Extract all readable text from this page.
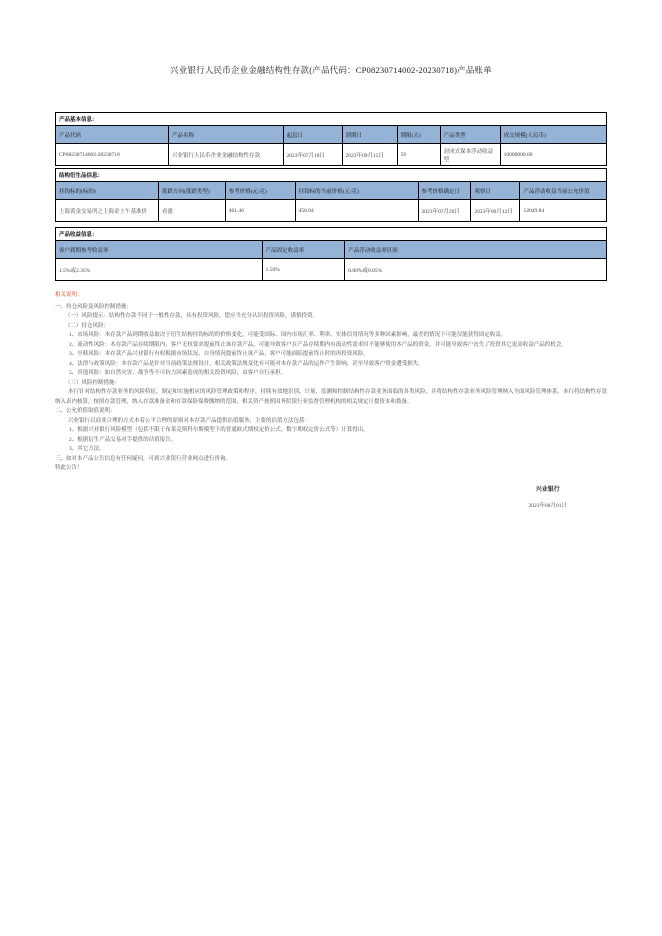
兴业银行人民币企业金融结构性存款(产品代码：CP08230714002-20230718)产品账单
产品基本信息：						
产品代码	产品名称	起息日	到期日	期限(天)	产品类型	成交规模(人民币)
CP08230714002-20230718	兴业银行人民币企业金融结构性存款	2023年07月18日	2023年09月15日	59	封闭式保本浮动收益型	10000000.00
结构衍生品信息：						
挂钩标的(标的)	涨跌方向(涨跌类型)	参考价格(元/克)	挂钩标的当前价格(元/克)	参考价格确定日	观察日	产品浮动收益当前公允价值
上海黄金交易所之上海金上午基准价	看涨	461.46	456.94	2023年07月20日	2023年09月12日	12049.84
产品收益信息：		
客户到期参考收益率	产品固定收益率	产品浮动收益率区间
1.5%或2.35%	1.50%	0.00%或0.85%
相关说明：
一、持仓风险及风险控制措施：
（一）风险提示：结构性存款不同于一般性存款，具有投资风险，您应当充分认识投资风险，谨慎投资。
（二）持仓风险：
1、市场风险：本存款产品到期收益取决于衍生结构挂钩标的的价格变化，可能受国际、国内市场汇率、利率、实体信用情况等多种因素影响，最差的情况下可能仅能获得固定收益。
2、流动性风险：本存款产品存续期限内，客户无权要求提前终止该存款产品，可能导致客户在产品存续期内有流动性需求时不能够使用本产品的资金，并可能导致客户丧失了投资其它更高收益产品的机会。
3、早赎风险：本存款产品兴业银行有权根据市场状况、自身情况提前终止该产品，客户可能面临提前终止时的再投资风险。
4、法律与政策风险：本存款产品是针对当前政策法规设计，相关政策法规变化有可能对本存款产品的运作产生影响，甚至导致客户资金遭受损失。
5、其他风险：如自然灾害、战争等不可抗力因素造成的相关投资风险，由客户自行承担。
（三）风险控制措施：
本行针对结构性存款业务的风险特征，制定和实施相应的风险管理政策和程序，持续有效地识别、计量、监测和控制结构性存款业务面临的各类风险，并将结构性存款业务风险管理纳入全面风险管理体系。本行将结构性存款纳入表内核算，按照存款管理，纳入存款准备金和存款保险保费缴纳的范围，相关资产按照国务院银行业监督管理机构的相关规定计提资本和拨备。
二、公允价值取值说明：
兴业银行以商业合理的方式本着公平合理的原则对本存款产品提供估值服务，主要的估值方法包括：
1、根据兴业银行风险模型（包括不限于布莱克斯科尔斯模型下的普通欧式期权定价公式、数字期权定价公式等）计算得出。
2、根据衍生产品交易对手提供的估值报告。
3、其它方法。
三、如对本产品公告信息有任何疑问，可到兴业银行营业网点进行咨询。
特此公告！
兴业银行
2023年08月01日
